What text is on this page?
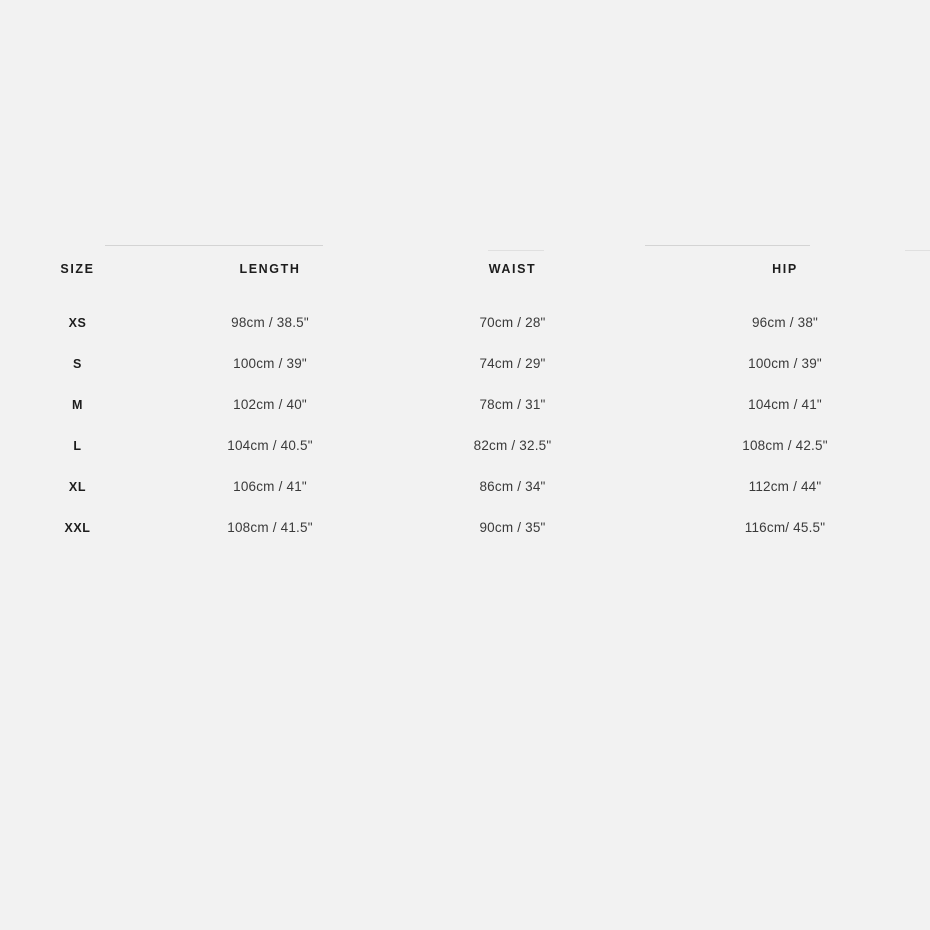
SIZE	LENGTH	WAIST	HIP
XS	98cm / 38.5"	70cm / 28"	96cm / 38"
S	100cm / 39"	74cm / 29"	100cm / 39"
M	102cm / 40"	78cm / 31"	104cm / 41"
L	104cm / 40.5"	82cm / 32.5"	108cm / 42.5"
XL	106cm / 41"	86cm / 34"	112cm / 44"
XXL	108cm / 41.5"	90cm / 35"	116cm/ 45.5"
